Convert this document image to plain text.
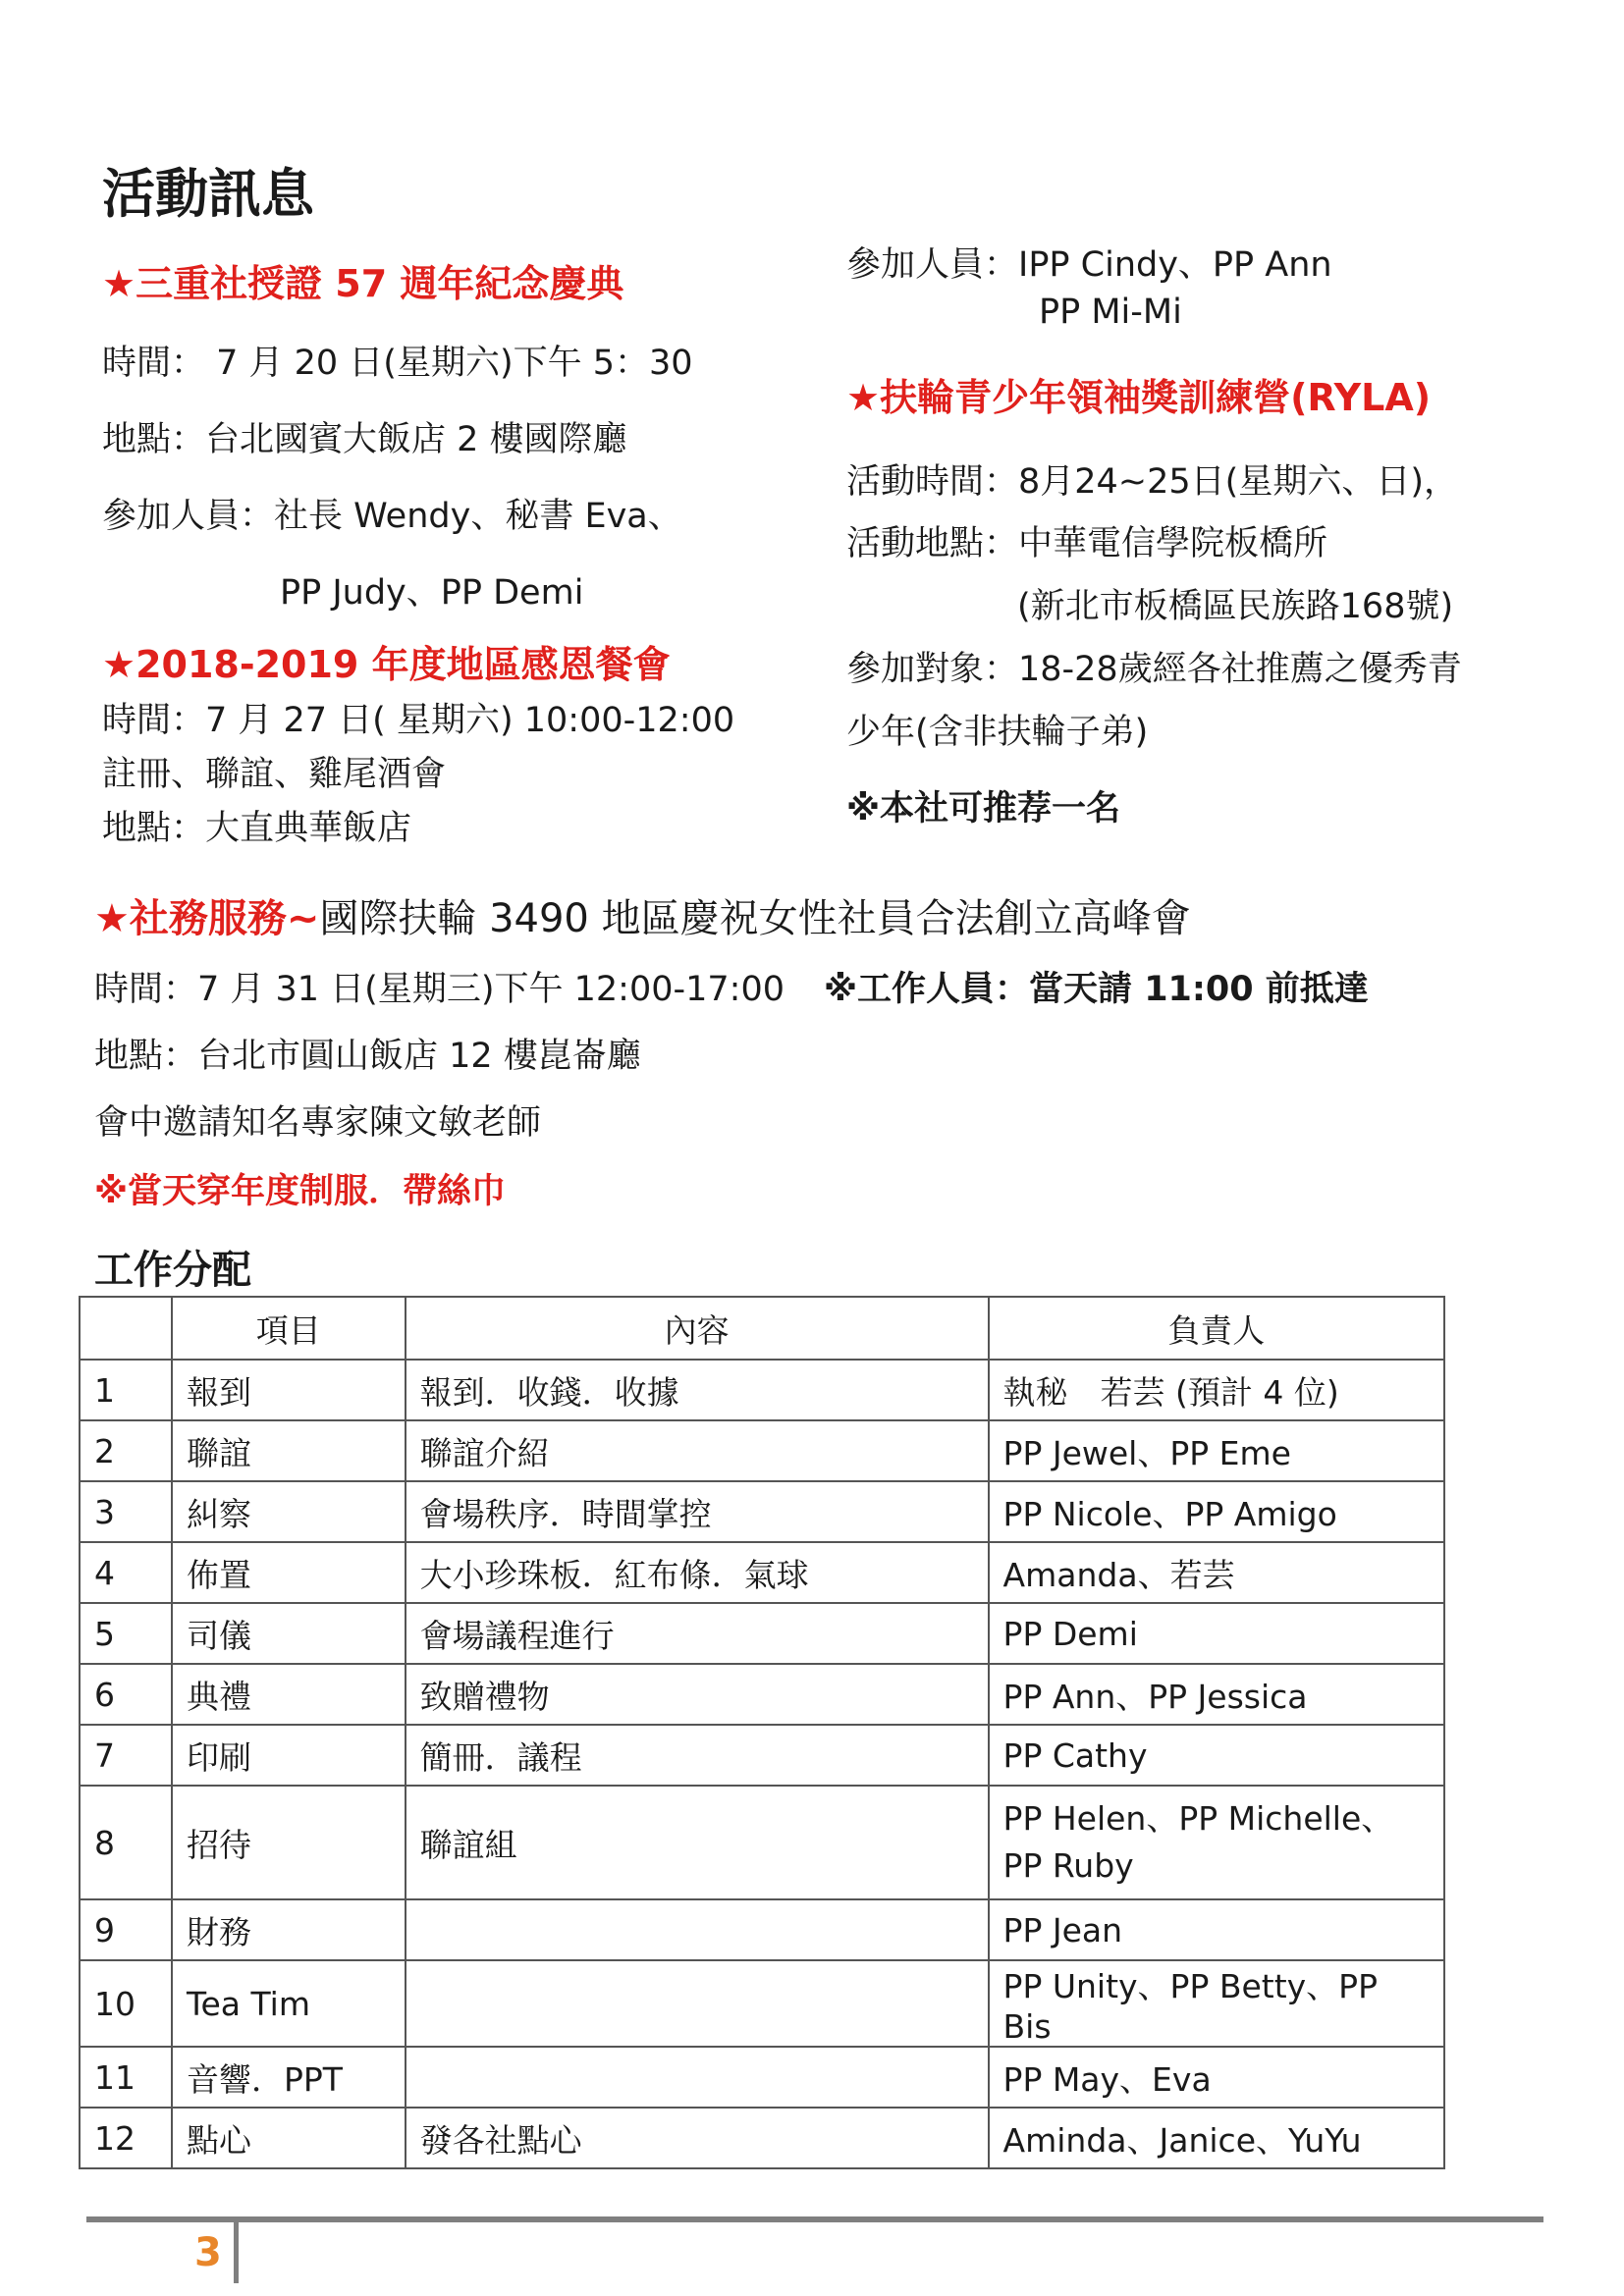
活動訊息
★三重社授證 57 週年紀念慶典
時間： 7 月 20 日(星期六)下午 5：30
地點：台北國賓大飯店 2 樓國際廳
參加人員：社長 Wendy、秘書 Eva、
PP Judy、PP Demi
★2018-2019 年度地區感恩餐會
時間：7 月 27 日( 星期六) 10:00-12:00
註冊、聯誼、雞尾酒會
地點：大直典華飯店
參加人員：IPP Cindy、PP Ann
PP Mi-Mi
★扶輪青少年領袖獎訓練營(RYLA)
活動時間：8月24~25日(星期六、日)，
活動地點：中華電信學院板橋所
(新北市板橋區民族路168號)
參加對象：18-28歲經各社推薦之優秀青
少年(含非扶輪子弟)
※本社可推荐一名
★社務服務~國際扶輪 3490 地區慶祝女性社員合法創立高峰會
時間：7 月 31 日(星期三)下午 12:00-17:00 ※工作人員：當天請 11:00 前抵達
地點：台北市圓山飯店 12 樓崑崙廳
會中邀請知名專家陳文敏老師
※當天穿年度制服．帶絲巾
工作分配
	項目	內容	負責人
1	報到	報到．收錢．收據	執秘　若芸 (預計 4 位)
2	聯誼	聯誼介紹	PP Jewel、PP Eme
3	糾察	會場秩序．時間掌控	PP Nicole、PP Amigo
4	佈置	大小珍珠板．紅布條．氣球	Amanda、若芸
5	司儀	會場議程進行	PP Demi
6	典禮	致贈禮物	PP Ann、PP Jessica
7	印刷	簡冊．議程	PP Cathy
8	招待	聯誼組	PP Helen、PP Michelle、PP Ruby
9	財務		PP Jean
10	Tea Tim		PP Unity、PP Betty、PP Bis
11	音響．PPT		PP May、Eva
12	點心	發各社點心	Aminda、Janice、YuYu
3
